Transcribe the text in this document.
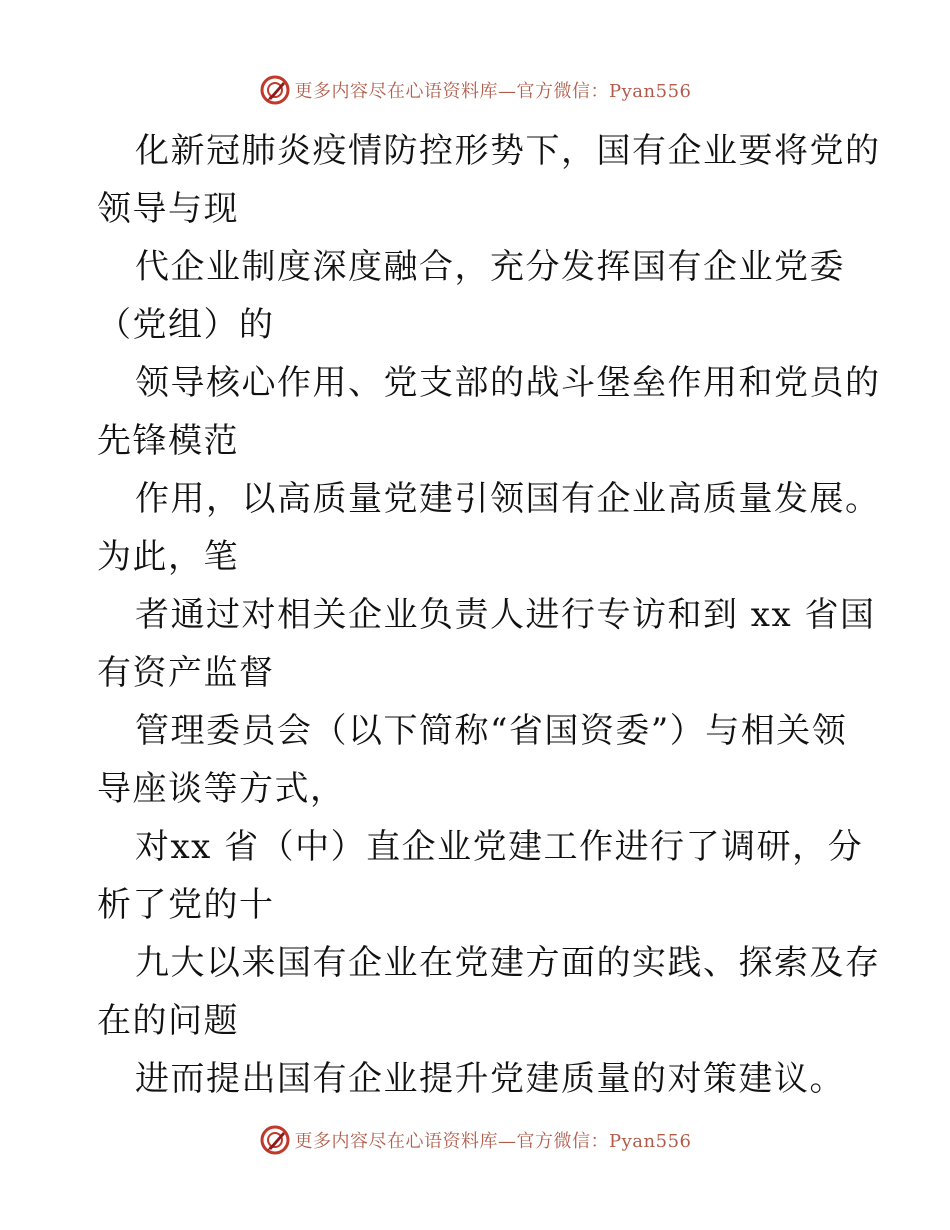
更多内容尽在心语资料库—官方微信：Pyan556

化新冠肺炎疫情防控形势下，国有企业要将党的

领导与现

代企业制度深度融合，充分发挥国有企业党委

（党组）的

领导核心作用、党支部的战斗堡垒作用和党员的

先锋模范

作用，以高质量党建引领国有企业高质量发展。

为此，笔

者通过对相关企业负责人进行专访和到 xx 省国

有资产监督

管理委员会（以下简称“省国资委”）与相关领

导座谈等方式，

对xx 省（中）直企业党建工作进行了调研，分

析了党的十

九大以来国有企业在党建方面的实践、探索及存

在的问题

进而提出国有企业提升党建质量的对策建议。

更多内容尽在心语资料库—官方微信：Pyan556
